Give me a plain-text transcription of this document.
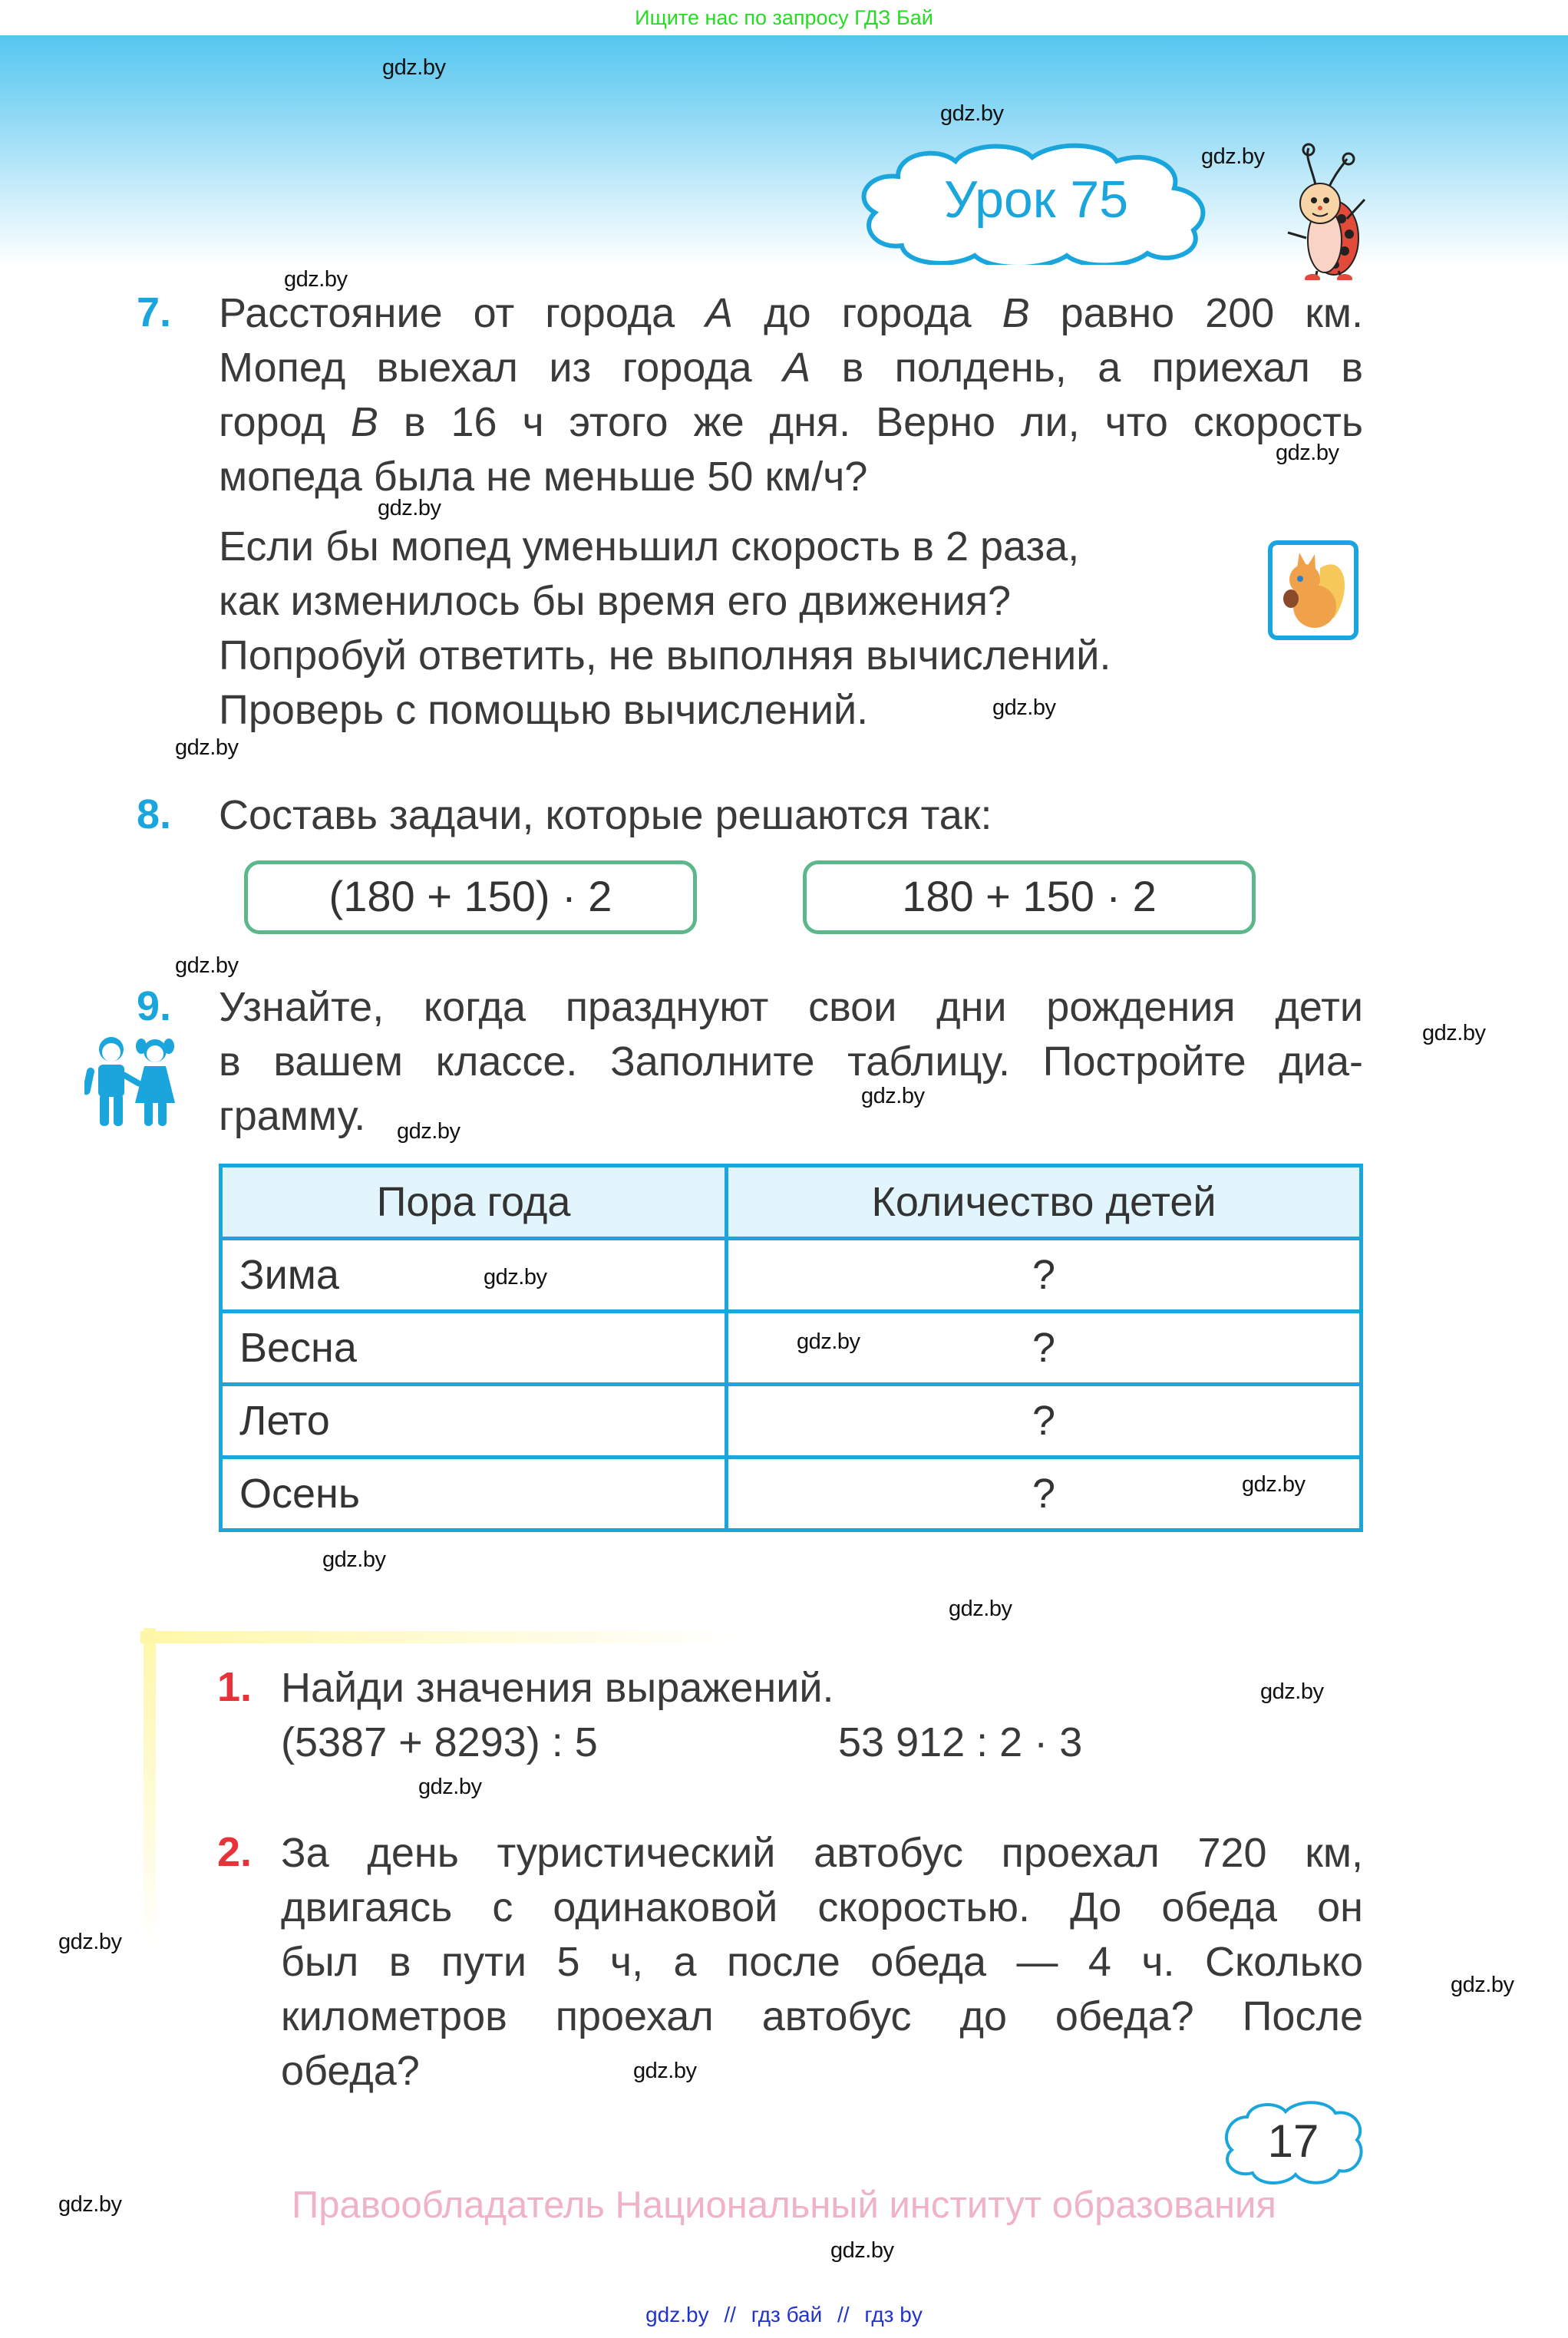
Ищите нас по запросу ГДЗ Бай
gdz.by
gdz.by
gdz.by
gdz.by
gdz.by
gdz.by
gdz.by
gdz.by
gdz.by
gdz.by
gdz.by
gdz.by
gdz.by
gdz.by
gdz.by
gdz.by
gdz.by
gdz.by
gdz.by
gdz.by
gdz.by
gdz.by
gdz.by
gdz.by
Урок 75
7. Расстояние от города A до города B равно 200 км.
Мопед выехал из города A в полдень, а приехал в
город B в 16 ч этого же дня. Верно ли, что скорость
мопеда была не меньше 50 км/ч?
Если бы мопед уменьшил скорость в 2 раза,
как изменилось бы время его движения?
Попробуй ответить, не выполняя вычислений.
Проверь с помощью вычислений.
8. Составь задачи, которые решаются так:
(180 + 150) · 2	180 + 150 · 2
9. Узнайте, когда празднуют свои дни рождения дети
в вашем классе. Заполните таблицу. Постройте диа-
грамму.
Пора года	Количество детей
Зима	?
Весна	?
Лето	?
Осень	?
1. Найди значения выражений.
(5387 + 8293) : 5	53 912 : 2 · 3
2. За день туристический автобус проехал 720 км,
двигаясь с одинаковой скоростью. До обеда он
был в пути 5 ч, а после обеда — 4 ч. Сколько
километров проехал автобус до обеда? После
обеда?
17
Правообладатель Национальный институт образования
gdz.by // гдз бай // гдз by
